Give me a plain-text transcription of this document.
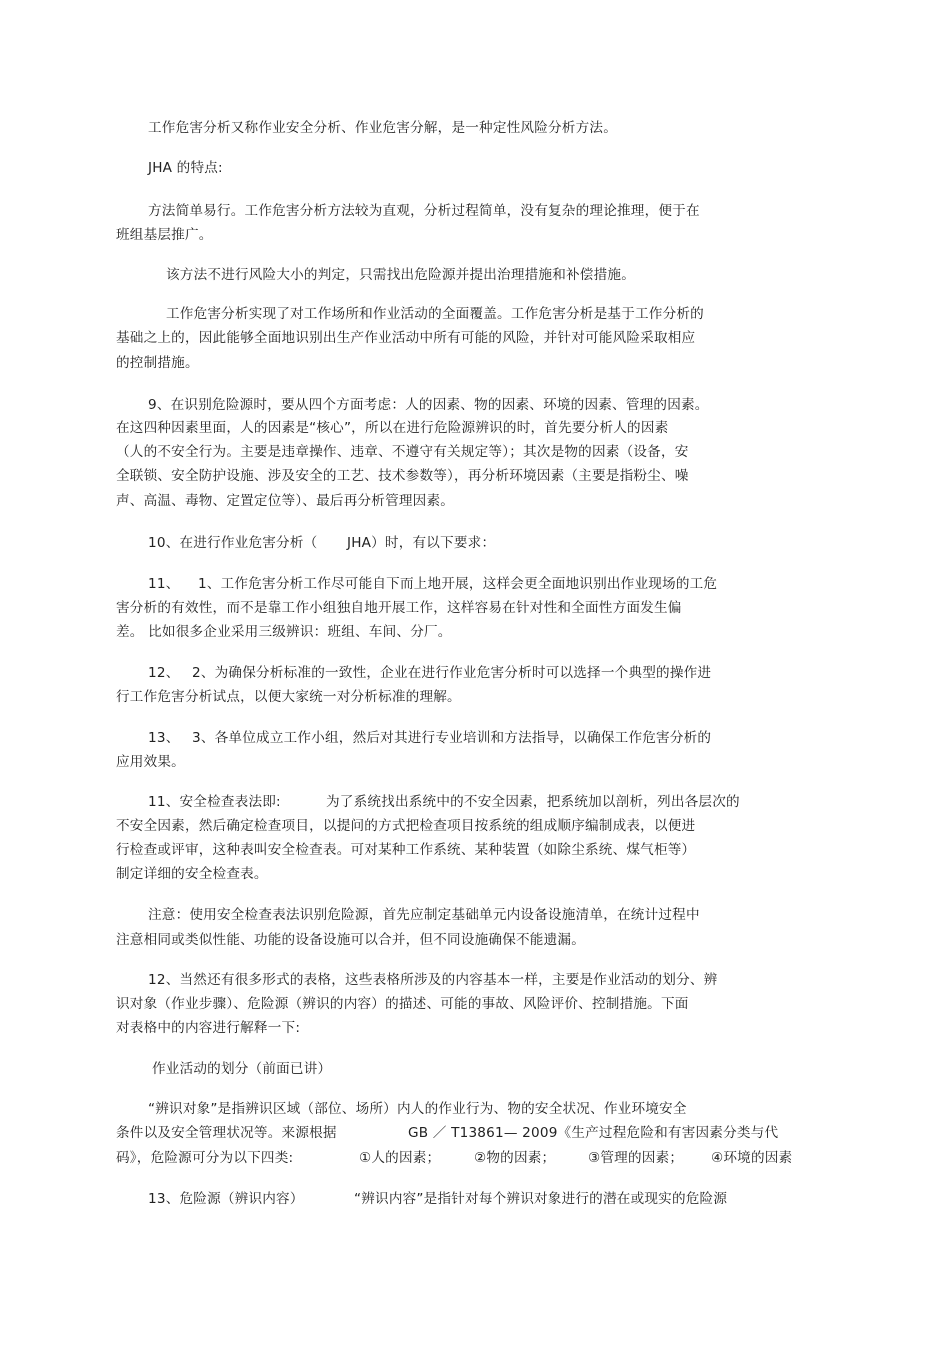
工作危害分析又称作业安全分析、作业危害分解，是一种定性风险分析方法。
JHA 的特点:
方法简单易行。工作危害分析方法较为直观，分析过程简单，没有复杂的理论推理，便于在
班组基层推广。
该方法不进行风险大小的判定，只需找出危险源并提出治理措施和补偿措施。
工作危害分析实现了对工作场所和作业活动的全面覆盖。工作危害分析是基于工作分析的
基础之上的，因此能够全面地识别出生产作业活动中所有可能的风险，并针对可能风险采取相应
的控制措施。
9、在识别危险源时，要从四个方面考虑：人的因素、物的因素、环境的因素、管理的因素。
在这四种因素里面，人的因素是“核心”，所以在进行危险源辨识的时，首先要分析人的因素
（人的不安全行为。主要是违章操作、违章、不遵守有关规定等）；其次是物的因素（设备，安
全联锁、安全防护设施、涉及安全的工艺、技术参数等），再分析环境因素（主要是指粉尘、噪
声、高温、毒物、定置定位等）、最后再分析管理因素。
10、在进行作业危害分析（ JHA）时，有以下要求：
11、 1、工作危害分析工作尽可能自下而上地开展，这样会更全面地识别出作业现场的工危
害分析的有效性，而不是靠工作小组独自地开展工作，这样容易在针对性和全面性方面发生偏
差。 比如很多企业采用三级辨识：班组、车间、分厂。
12、 2、为确保分析标准的一致性，企业在进行作业危害分析时可以选择一个典型的操作进
行工作危害分析试点，以便大家统一对分析标准的理解。
13、 3、各单位成立工作小组，然后对其进行专业培训和方法指导，以确保工作危害分析的
应用效果。
11、安全检查表法即:	为了系统找出系统中的不安全因素，把系统加以剖析，列出各层次的
不安全因素，然后确定检查项目，以提问的方式把检查项目按系统的组成顺序编制成表，以便进
行检查或评审，这种表叫安全检查表。可对某种工作系统、某种装置（如除尘系统、煤气柜等）
制定详细的安全检查表。
注意：使用安全检查表法识别危险源，首先应制定基础单元内设备设施清单，在统计过程中
注意相同或类似性能、功能的设备设施可以合并，但不同设施确保不能遗漏。
12、当然还有很多形式的表格，这些表格所涉及的内容基本一样，主要是作业活动的划分、辨
识对象（作业步骤）、危险源（辨识的内容）的描述、可能的事故、风险评价、控制措施。下面
对表格中的内容进行解释一下:
作业活动的划分（前面已讲）
“辨识对象”是指辨识区域（部位、场所）内人的作业行为、物的安全状况、作业环境安全
条件以及安全管理状况等。来源根据	GB ／ T13861— 2009《生产过程危险和有害因素分类与代
码》，危险源可分为以下四类:	①人的因素； ②物的因素； ③管理的因素； ④环境的因素
13、危险源（辨识内容）	“辨识内容”是指针对每个辨识对象进行的潜在或现实的危险源
